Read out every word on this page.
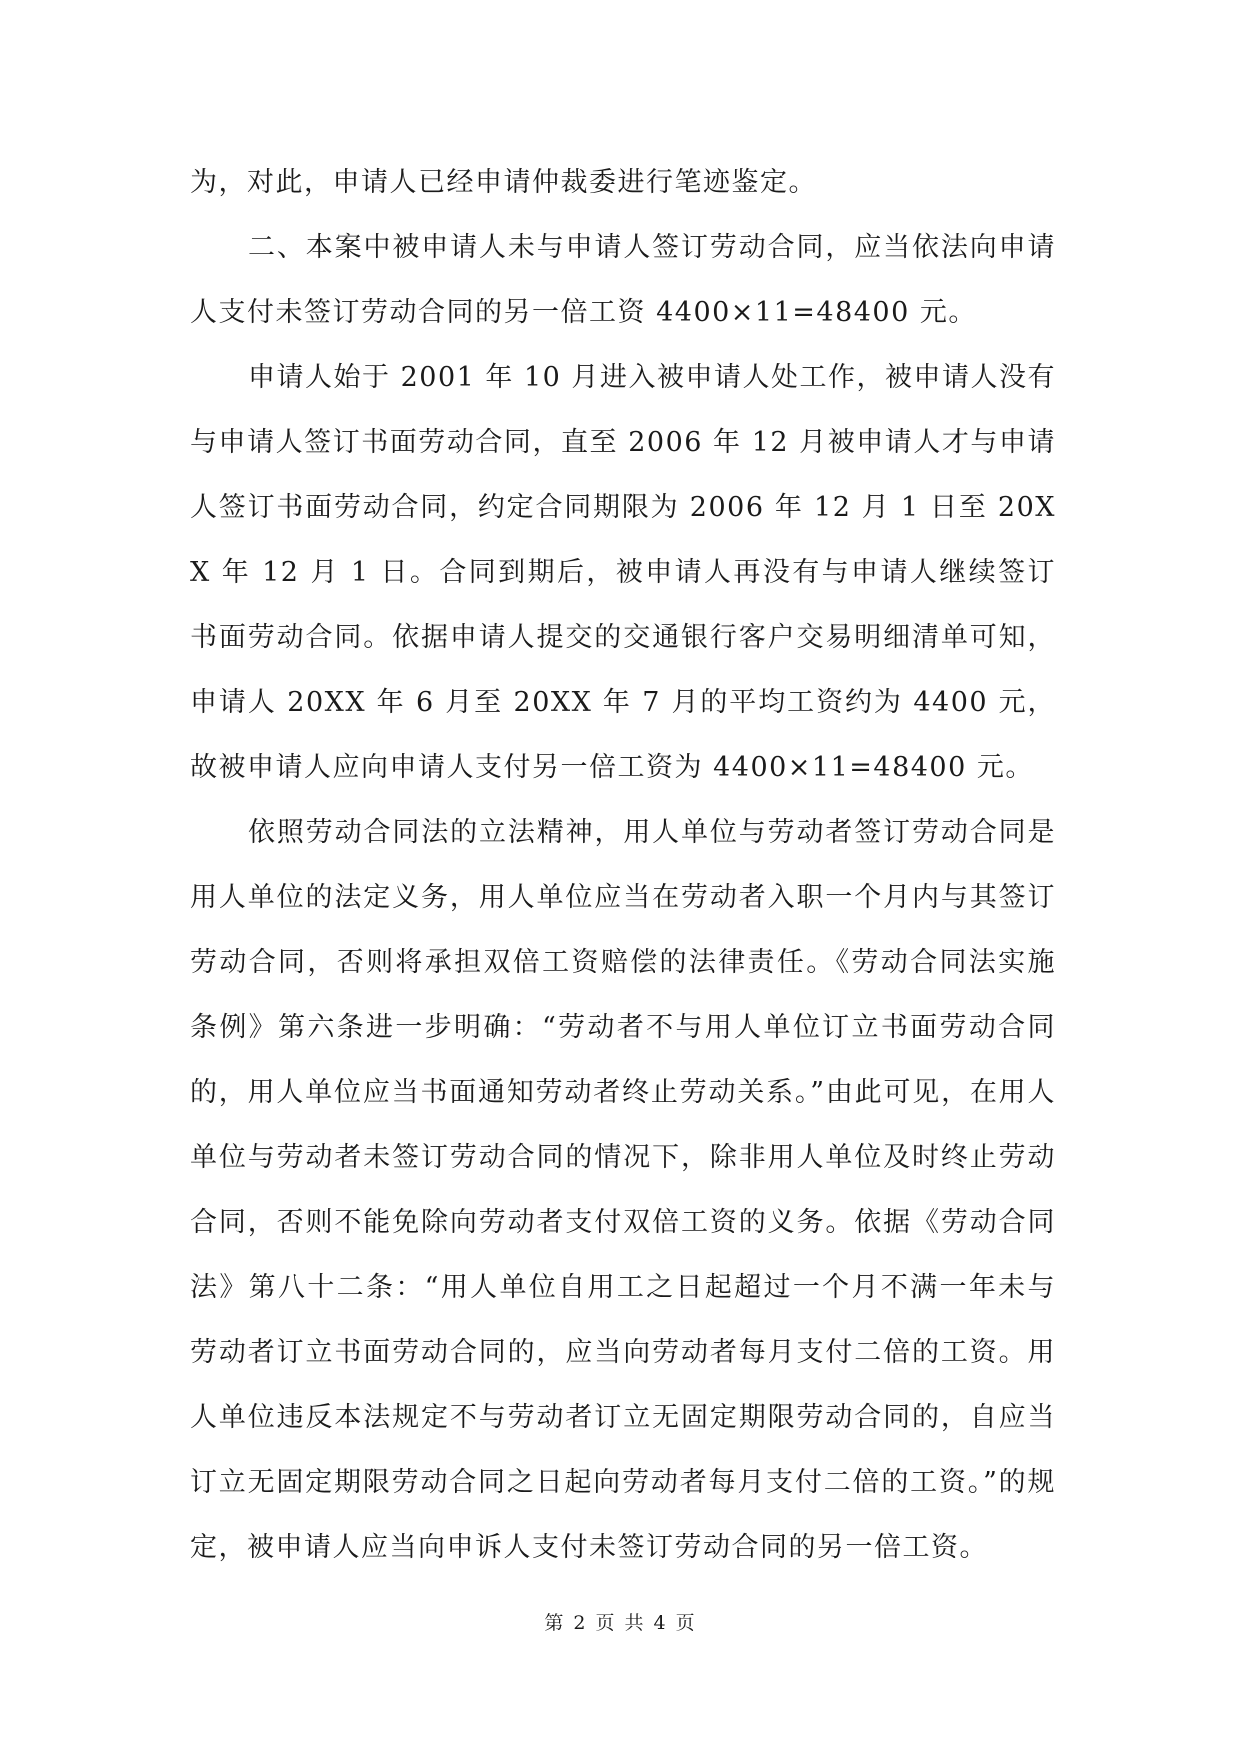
为，对此，申请人已经申请仲裁委进行笔迹鉴定。

二、本案中被申请人未与申请人签订劳动合同，应当依法向申请人支付未签订劳动合同的另一倍工资 4400×11=48400 元。

申请人始于 2001 年 10 月进入被申请人处工作，被申请人没有与申请人签订书面劳动合同，直至 2006 年 12 月被申请人才与申请人签订书面劳动合同，约定合同期限为 2006 年 12 月 1 日至 20XX 年 12 月 1 日。合同到期后，被申请人再没有与申请人继续签订书面劳动合同。依据申请人提交的交通银行客户交易明细清单可知，申请人 20XX 年 6 月至 20XX 年 7 月的平均工资约为 4400 元，故被申请人应向申请人支付另一倍工资为 4400×11=48400 元。

依照劳动合同法的立法精神，用人单位与劳动者签订劳动合同是用人单位的法定义务，用人单位应当在劳动者入职一个月内与其签订劳动合同，否则将承担双倍工资赔偿的法律责任。《劳动合同法实施条例》第六条进一步明确：“劳动者不与用人单位订立书面劳动合同的，用人单位应当书面通知劳动者终止劳动关系。”由此可见，在用人单位与劳动者未签订劳动合同的情况下，除非用人单位及时终止劳动合同，否则不能免除向劳动者支付双倍工资的义务。依据《劳动合同法》第八十二条：“用人单位自用工之日起超过一个月不满一年未与劳动者订立书面劳动合同的，应当向劳动者每月支付二倍的工资。用人单位违反本法规定不与劳动者订立无固定期限劳动合同的，自应当订立无固定期限劳动合同之日起向劳动者每月支付二倍的工资。”的规定，被申请人应当向申诉人支付未签订劳动合同的另一倍工资。

第 2 页 共 4 页
